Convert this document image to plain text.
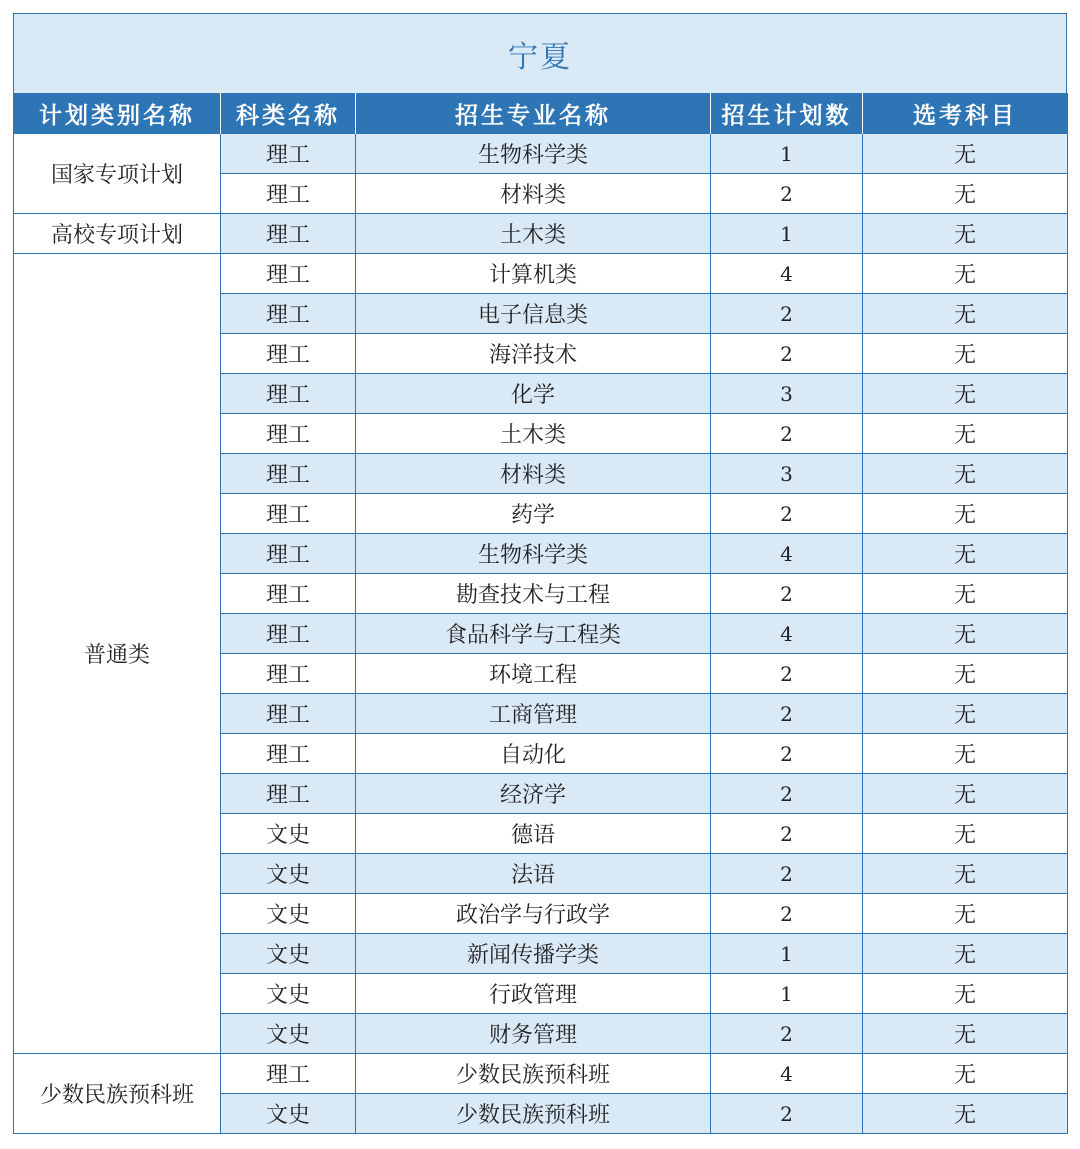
宁夏
计划类别名称	科类名称	招生专业名称	招生计划数	选考科目
国家专项计划	理工	生物科学类	1	无
	理工	材料类	2	无
高校专项计划	理工	土木类	1	无
普通类	理工	计算机类	4	无
	理工	电子信息类	2	无
	理工	海洋技术	2	无
	理工	化学	3	无
	理工	土木类	2	无
	理工	材料类	3	无
	理工	药学	2	无
	理工	生物科学类	4	无
	理工	勘查技术与工程	2	无
	理工	食品科学与工程类	4	无
	理工	环境工程	2	无
	理工	工商管理	2	无
	理工	自动化	2	无
	理工	经济学	2	无
	文史	德语	2	无
	文史	法语	2	无
	文史	政治学与行政学	2	无
	文史	新闻传播学类	1	无
	文史	行政管理	1	无
	文史	财务管理	2	无
少数民族预科班	理工	少数民族预科班	4	无
	文史	少数民族预科班	2	无
